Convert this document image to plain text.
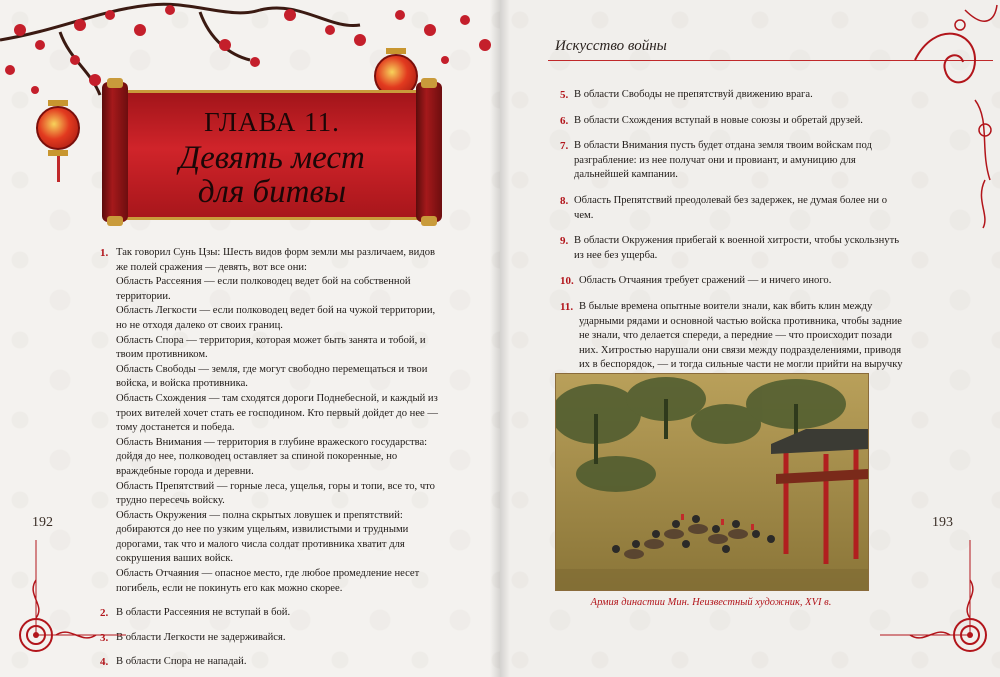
ГЛАВА 11.
Девять мест
для битвы
1. Так говорил Сунь Цзы: Шесть видов форм земли мы различаем, видов же полей сражения — девять, вот все они:

Область Рассеяния — если полководец ведет бой на собственной территории.

Область Легкости — если полководец ведет бой на чужой территории, но не отходя далеко от своих границ.

Область Спора — территория, которая может быть занята и тобой, и твоим противником.

Область Свободы — земля, где могут свободно перемещаться и твои войска, и войска противника.

Область Схождения — там сходятся дороги Поднебесной, и каждый из троих вителей хочет стать ее господином. Кто первый дойдет до нее — тому достанется и победа.

Область Внимания — территория в глубине вражеского государства: дойдя до нее, полководец оставляет за спиной покоренные, но враждебные города и деревни.

Область Препятствий — горные леса, ущелья, горы и топи, все то, что трудно пересечь войску.

Область Окружения — полна скрытых ловушек и препятствий: добираются до нее по узким ущельям, извилистыми и трудными дорогами, так что и малого числа солдат противника хватит для сокрушения ваших войск.

Область Отчаяния — опасное место, где любое промедление несет погибель, если не покинуть его как можно скорее.

2. В области Рассеяния не вступай в бой.

3. В области Легкости не задерживайся.

4. В области Спора не нападай.

192
Искусство войны
5. В области Свободы не препятствуй движению врага.
6. В области Схождения вступай в новые союзы и обретай друзей.
7. В области Внимания пусть будет отдана земля твоим войскам под разграбление: из нее получат они и провиант, и амуницию для дальнейшей кампании.
8. Область Препятствий преодолевай без задержек, не думая более ни о чем.
9. В области Окружения прибегай к военной хитрости, чтобы ускользнуть из нее без ущерба.
10. Область Отчаяния требует сражений — и ничего иного.
11. В былые времена опытные воители знали, как вбить клин между ударными рядами и основной частью войска противника, чтобы задние не знали, что делается спереди, а передние — что происходит позади них. Хитростью нарушали они связи между подразделениями, приводя их в беспорядок, — и тогда сильные части не могли прийти на выручку
193
Армия династии Мин. Неизвестный художник, XVI в.
